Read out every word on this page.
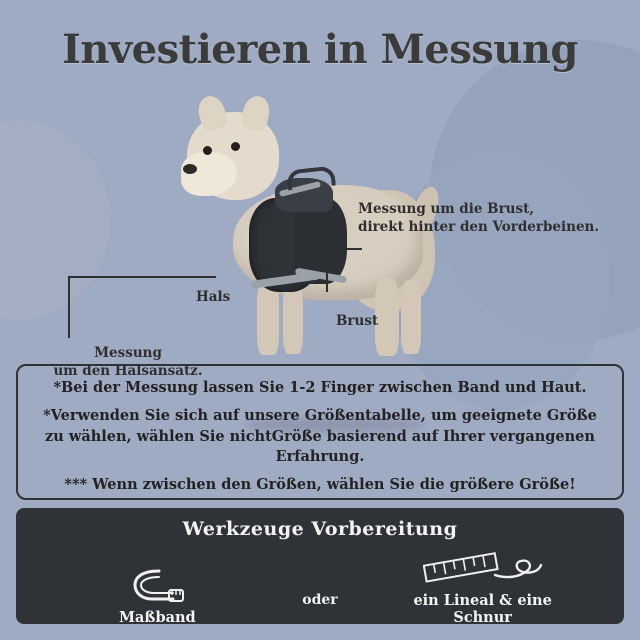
Investieren in Messung
Messung um die Brust,
direkt hinter den Vorderbeinen.
Messung
um den Halsansatz.
Hals
Brust

*Bei der Messung lassen Sie 1-2 Finger zwischen Band und Haut.

*Verwenden Sie sich auf unsere Größentabelle, um geeignete Größe zu wählen, wählen Sie nichtGröße basierend auf Ihrer vergangenen Erfahrung.

*** Wenn zwischen den Größen, wählen Sie die größere Größe!

Werkzeuge Vorbereitung
Maßband
oder	ein Lineal & eine Schnur
